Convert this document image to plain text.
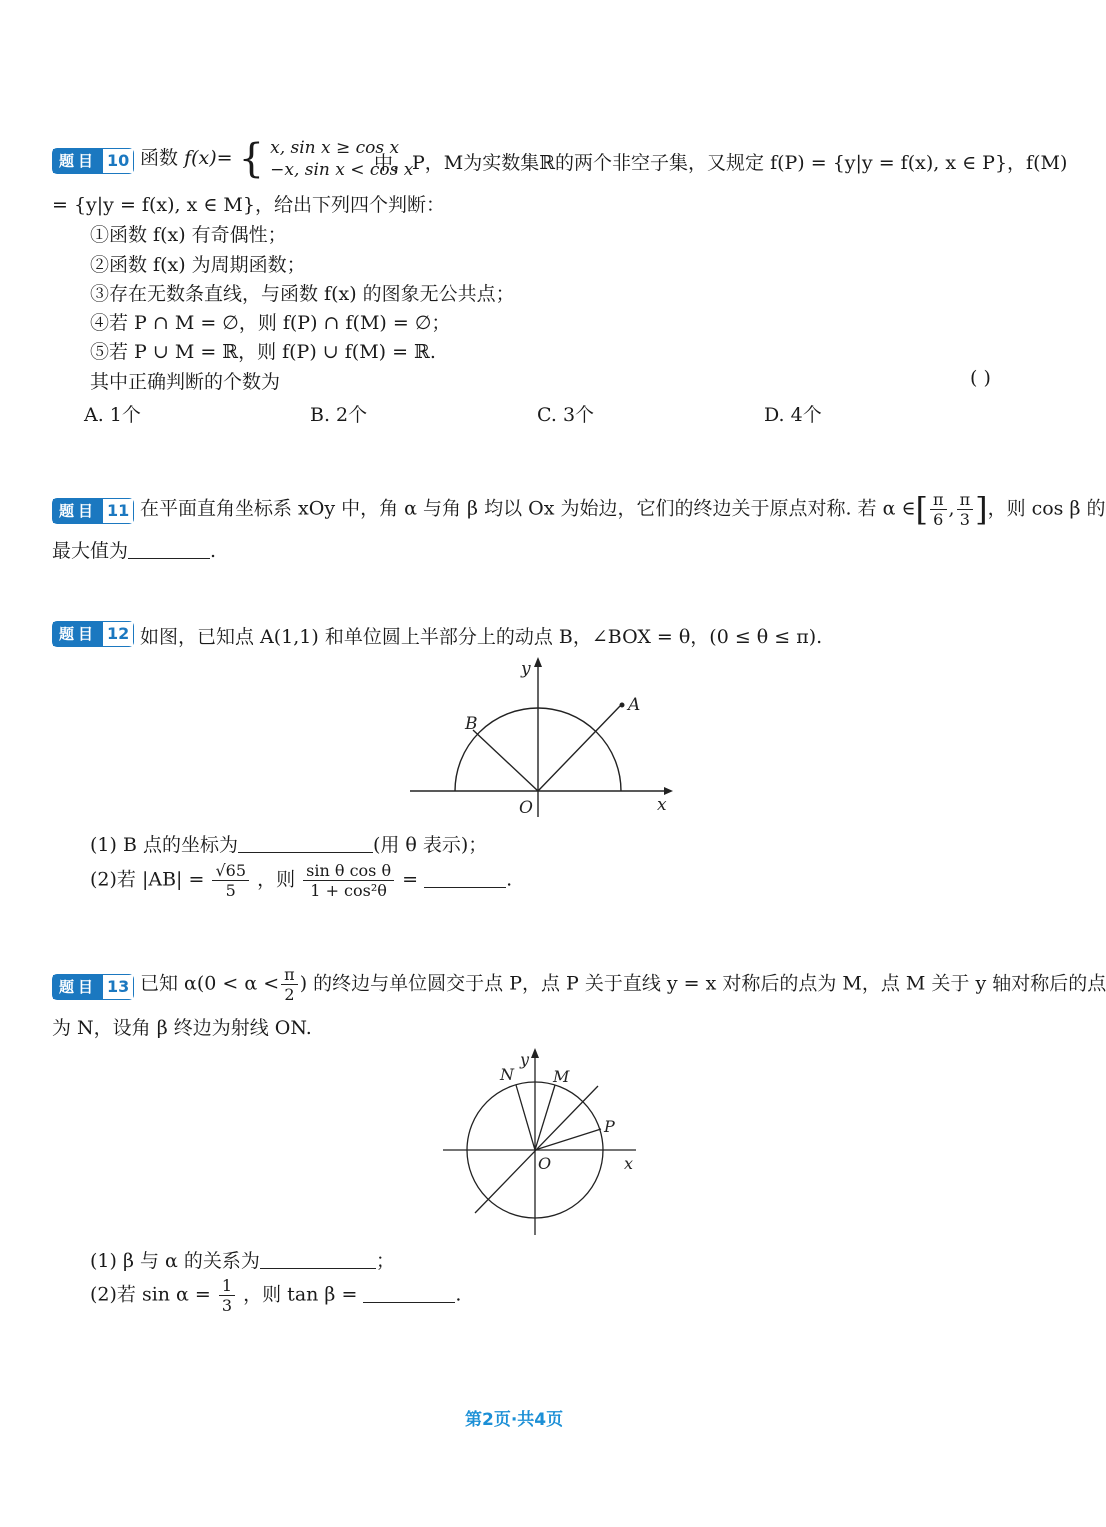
题目 10 函数 f(x)= { x, sin x ≥ cos x
−x, sin x < cos x
中，P，M为实数集ℝ的两个非空子集，又规定 f(P) = {y|y = f(x), x ∈ P}，f(M)
= {y|y = f(x), x ∈ M}，给出下列四个判断：
①函数 f(x) 有奇偶性；
②函数 f(x) 为周期函数；
③存在无数条直线，与函数 f(x) 的图象无公共点；
④若 P ∩ M = ∅，则 f(P) ∩ f(M) = ∅；
⑤若 P ∪ M = ℝ，则 f(P) ∪ f(M) = ℝ.
其中正确判断的个数为	( )
A. 1个	B. 2个	C. 3个	D. 4个
题目 11 在平面直角坐标系 xOy 中，角 α 与角 β 均以 Ox 为始边，它们的终边关于原点对称. 若 α ∈[ $\frac{\pi}{6}$ , $\frac{\pi}{3}$ ]，则 cos β 的
最大值为	.
题目 12 如图，已知点 A(1,1) 和单位圆上半部分上的动点 B，∠BOX = θ，(0 ≤ θ ≤ π).
y
A
B
O	x
(1) B 点的坐标为	(用 θ 表示)；
(2)若 $|AB| = \frac{√65}{5}$ ，则 $\frac{\text{sin θ cos θ}}{\text{1 + cos²θ}}$ =	.
题目 13 已知 $\alpha(0 < \alpha < \frac{\pi}{2}$ ) 的终边与单位圆交于点 P，点 P 关于直线 y = x 对称后的点为 M，点 M 关于 y 轴对称后的点
为 N，设角 β 终边为射线 ON.
y
N M
P
O	x
(1) β 与 α 的关系为	；
(2)若 $\sin \alpha = \frac{1}{3}$ ，则 tan β =	.
第2页·共4页
